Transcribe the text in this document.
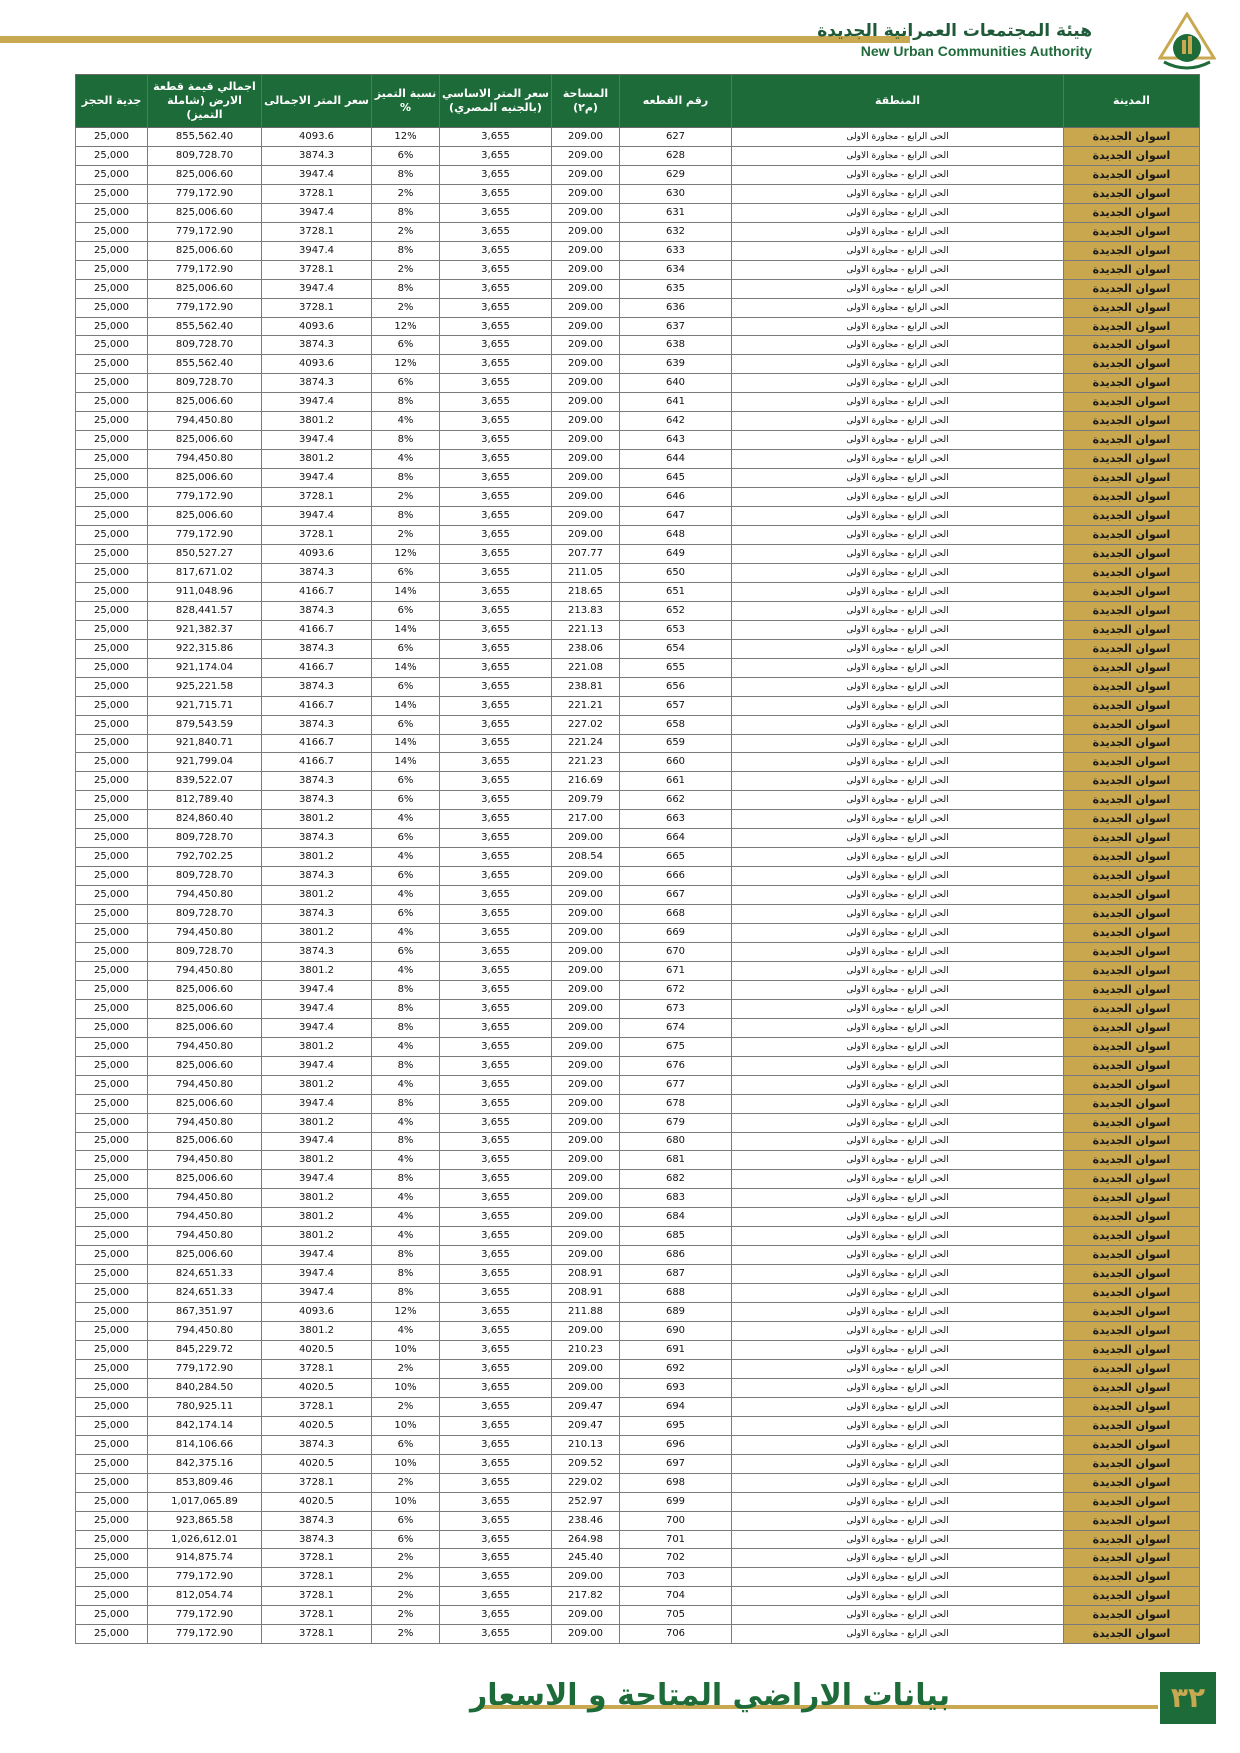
هيئة المجتمعات العمرانية الجديدة
New Urban Communities Authority
المدينة	المنطقة	رقم القطعه	المساحة (م٢)	سعر المتر الاساسي (بالجنيه المصري)	نسبة التميز %	سعر المتر الاجمالى	اجمالي قيمة قطعة الارض (شاملة التميز)	جدية الحجز
اسوان الجديدة	الحى الرابع - مجاورة الاولى	627	209.00	3,655	12%	4093.6	855,562.40	25,000
اسوان الجديدة	الحى الرابع - مجاورة الاولى	628	209.00	3,655	6%	3874.3	809,728.70	25,000
اسوان الجديدة	الحى الرابع - مجاورة الاولى	629	209.00	3,655	8%	3947.4	825,006.60	25,000
اسوان الجديدة	الحى الرابع - مجاورة الاولى	630	209.00	3,655	2%	3728.1	779,172.90	25,000
اسوان الجديدة	الحى الرابع - مجاورة الاولى	631	209.00	3,655	8%	3947.4	825,006.60	25,000
اسوان الجديدة	الحى الرابع - مجاورة الاولى	632	209.00	3,655	2%	3728.1	779,172.90	25,000
اسوان الجديدة	الحى الرابع - مجاورة الاولى	633	209.00	3,655	8%	3947.4	825,006.60	25,000
اسوان الجديدة	الحى الرابع - مجاورة الاولى	634	209.00	3,655	2%	3728.1	779,172.90	25,000
اسوان الجديدة	الحى الرابع - مجاورة الاولى	635	209.00	3,655	8%	3947.4	825,006.60	25,000
اسوان الجديدة	الحى الرابع - مجاورة الاولى	636	209.00	3,655	2%	3728.1	779,172.90	25,000
اسوان الجديدة	الحى الرابع - مجاورة الاولى	637	209.00	3,655	12%	4093.6	855,562.40	25,000
اسوان الجديدة	الحى الرابع - مجاورة الاولى	638	209.00	3,655	6%	3874.3	809,728.70	25,000
اسوان الجديدة	الحى الرابع - مجاورة الاولى	639	209.00	3,655	12%	4093.6	855,562.40	25,000
اسوان الجديدة	الحى الرابع - مجاورة الاولى	640	209.00	3,655	6%	3874.3	809,728.70	25,000
اسوان الجديدة	الحى الرابع - مجاورة الاولى	641	209.00	3,655	8%	3947.4	825,006.60	25,000
اسوان الجديدة	الحى الرابع - مجاورة الاولى	642	209.00	3,655	4%	3801.2	794,450.80	25,000
اسوان الجديدة	الحى الرابع - مجاورة الاولى	643	209.00	3,655	8%	3947.4	825,006.60	25,000
اسوان الجديدة	الحى الرابع - مجاورة الاولى	644	209.00	3,655	4%	3801.2	794,450.80	25,000
اسوان الجديدة	الحى الرابع - مجاورة الاولى	645	209.00	3,655	8%	3947.4	825,006.60	25,000
اسوان الجديدة	الحى الرابع - مجاورة الاولى	646	209.00	3,655	2%	3728.1	779,172.90	25,000
اسوان الجديدة	الحى الرابع - مجاورة الاولى	647	209.00	3,655	8%	3947.4	825,006.60	25,000
اسوان الجديدة	الحى الرابع - مجاورة الاولى	648	209.00	3,655	2%	3728.1	779,172.90	25,000
اسوان الجديدة	الحى الرابع - مجاورة الاولى	649	207.77	3,655	12%	4093.6	850,527.27	25,000
اسوان الجديدة	الحى الرابع - مجاورة الاولى	650	211.05	3,655	6%	3874.3	817,671.02	25,000
اسوان الجديدة	الحى الرابع - مجاورة الاولى	651	218.65	3,655	14%	4166.7	911,048.96	25,000
اسوان الجديدة	الحى الرابع - مجاورة الاولى	652	213.83	3,655	6%	3874.3	828,441.57	25,000
اسوان الجديدة	الحى الرابع - مجاورة الاولى	653	221.13	3,655	14%	4166.7	921,382.37	25,000
اسوان الجديدة	الحى الرابع - مجاورة الاولى	654	238.06	3,655	6%	3874.3	922,315.86	25,000
اسوان الجديدة	الحى الرابع - مجاورة الاولى	655	221.08	3,655	14%	4166.7	921,174.04	25,000
اسوان الجديدة	الحى الرابع - مجاورة الاولى	656	238.81	3,655	6%	3874.3	925,221.58	25,000
اسوان الجديدة	الحى الرابع - مجاورة الاولى	657	221.21	3,655	14%	4166.7	921,715.71	25,000
اسوان الجديدة	الحى الرابع - مجاورة الاولى	658	227.02	3,655	6%	3874.3	879,543.59	25,000
اسوان الجديدة	الحى الرابع - مجاورة الاولى	659	221.24	3,655	14%	4166.7	921,840.71	25,000
اسوان الجديدة	الحى الرابع - مجاورة الاولى	660	221.23	3,655	14%	4166.7	921,799.04	25,000
اسوان الجديدة	الحى الرابع - مجاورة الاولى	661	216.69	3,655	6%	3874.3	839,522.07	25,000
اسوان الجديدة	الحى الرابع - مجاورة الاولى	662	209.79	3,655	6%	3874.3	812,789.40	25,000
اسوان الجديدة	الحى الرابع - مجاورة الاولى	663	217.00	3,655	4%	3801.2	824,860.40	25,000
اسوان الجديدة	الحى الرابع - مجاورة الاولى	664	209.00	3,655	6%	3874.3	809,728.70	25,000
اسوان الجديدة	الحى الرابع - مجاورة الاولى	665	208.54	3,655	4%	3801.2	792,702.25	25,000
اسوان الجديدة	الحى الرابع - مجاورة الاولى	666	209.00	3,655	6%	3874.3	809,728.70	25,000
اسوان الجديدة	الحى الرابع - مجاورة الاولى	667	209.00	3,655	4%	3801.2	794,450.80	25,000
اسوان الجديدة	الحى الرابع - مجاورة الاولى	668	209.00	3,655	6%	3874.3	809,728.70	25,000
اسوان الجديدة	الحى الرابع - مجاورة الاولى	669	209.00	3,655	4%	3801.2	794,450.80	25,000
اسوان الجديدة	الحى الرابع - مجاورة الاولى	670	209.00	3,655	6%	3874.3	809,728.70	25,000
اسوان الجديدة	الحى الرابع - مجاورة الاولى	671	209.00	3,655	4%	3801.2	794,450.80	25,000
اسوان الجديدة	الحى الرابع - مجاورة الاولى	672	209.00	3,655	8%	3947.4	825,006.60	25,000
اسوان الجديدة	الحى الرابع - مجاورة الاولى	673	209.00	3,655	8%	3947.4	825,006.60	25,000
اسوان الجديدة	الحى الرابع - مجاورة الاولى	674	209.00	3,655	8%	3947.4	825,006.60	25,000
اسوان الجديدة	الحى الرابع - مجاورة الاولى	675	209.00	3,655	4%	3801.2	794,450.80	25,000
اسوان الجديدة	الحى الرابع - مجاورة الاولى	676	209.00	3,655	8%	3947.4	825,006.60	25,000
اسوان الجديدة	الحى الرابع - مجاورة الاولى	677	209.00	3,655	4%	3801.2	794,450.80	25,000
اسوان الجديدة	الحى الرابع - مجاورة الاولى	678	209.00	3,655	8%	3947.4	825,006.60	25,000
اسوان الجديدة	الحى الرابع - مجاورة الاولى	679	209.00	3,655	4%	3801.2	794,450.80	25,000
اسوان الجديدة	الحى الرابع - مجاورة الاولى	680	209.00	3,655	8%	3947.4	825,006.60	25,000
اسوان الجديدة	الحى الرابع - مجاورة الاولى	681	209.00	3,655	4%	3801.2	794,450.80	25,000
اسوان الجديدة	الحى الرابع - مجاورة الاولى	682	209.00	3,655	8%	3947.4	825,006.60	25,000
اسوان الجديدة	الحى الرابع - مجاورة الاولى	683	209.00	3,655	4%	3801.2	794,450.80	25,000
اسوان الجديدة	الحى الرابع - مجاورة الاولى	684	209.00	3,655	4%	3801.2	794,450.80	25,000
اسوان الجديدة	الحى الرابع - مجاورة الاولى	685	209.00	3,655	4%	3801.2	794,450.80	25,000
اسوان الجديدة	الحى الرابع - مجاورة الاولى	686	209.00	3,655	8%	3947.4	825,006.60	25,000
اسوان الجديدة	الحى الرابع - مجاورة الاولى	687	208.91	3,655	8%	3947.4	824,651.33	25,000
اسوان الجديدة	الحى الرابع - مجاورة الاولى	688	208.91	3,655	8%	3947.4	824,651.33	25,000
اسوان الجديدة	الحى الرابع - مجاورة الاولى	689	211.88	3,655	12%	4093.6	867,351.97	25,000
اسوان الجديدة	الحى الرابع - مجاورة الاولى	690	209.00	3,655	4%	3801.2	794,450.80	25,000
اسوان الجديدة	الحى الرابع - مجاورة الاولى	691	210.23	3,655	10%	4020.5	845,229.72	25,000
اسوان الجديدة	الحى الرابع - مجاورة الاولى	692	209.00	3,655	2%	3728.1	779,172.90	25,000
اسوان الجديدة	الحى الرابع - مجاورة الاولى	693	209.00	3,655	10%	4020.5	840,284.50	25,000
اسوان الجديدة	الحى الرابع - مجاورة الاولى	694	209.47	3,655	2%	3728.1	780,925.11	25,000
اسوان الجديدة	الحى الرابع - مجاورة الاولى	695	209.47	3,655	10%	4020.5	842,174.14	25,000
اسوان الجديدة	الحى الرابع - مجاورة الاولى	696	210.13	3,655	6%	3874.3	814,106.66	25,000
اسوان الجديدة	الحى الرابع - مجاورة الاولى	697	209.52	3,655	10%	4020.5	842,375.16	25,000
اسوان الجديدة	الحى الرابع - مجاورة الاولى	698	229.02	3,655	2%	3728.1	853,809.46	25,000
اسوان الجديدة	الحى الرابع - مجاورة الاولى	699	252.97	3,655	10%	4020.5	1,017,065.89	25,000
اسوان الجديدة	الحى الرابع - مجاورة الاولى	700	238.46	3,655	6%	3874.3	923,865.58	25,000
اسوان الجديدة	الحى الرابع - مجاورة الاولى	701	264.98	3,655	6%	3874.3	1,026,612.01	25,000
اسوان الجديدة	الحى الرابع - مجاورة الاولى	702	245.40	3,655	2%	3728.1	914,875.74	25,000
اسوان الجديدة	الحى الرابع - مجاورة الاولى	703	209.00	3,655	2%	3728.1	779,172.90	25,000
اسوان الجديدة	الحى الرابع - مجاورة الاولى	704	217.82	3,655	2%	3728.1	812,054.74	25,000
اسوان الجديدة	الحى الرابع - مجاورة الاولى	705	209.00	3,655	2%	3728.1	779,172.90	25,000
اسوان الجديدة	الحى الرابع - مجاورة الاولى	706	209.00	3,655	2%	3728.1	779,172.90	25,000
بيانات الاراضي المتاحة و الاسعار	٣٢
